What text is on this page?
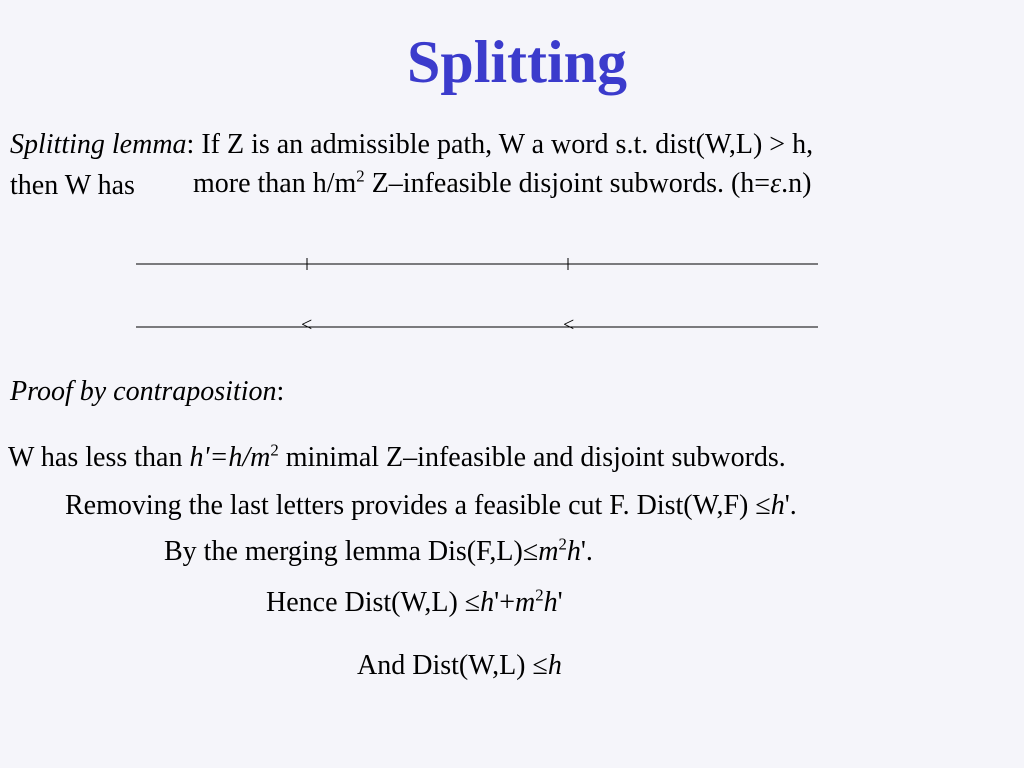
Splitting
Splitting lemma: If Z is an admissible path, W a word s.t. dist(W,L) > h,
then W has more than $h/m^2$ Z–infeasible disjoint subwords. (h=ε.n)
<	<
Proof by contraposition:
W has less than $h'=h/m^2$ minimal Z–infeasible and disjoint subwords.
Removing the last letters provides a feasible cut F. Dist(W,F) ≤h'.
By the merging lemma $Dis(F,L)\le m^2h'$.
Hence Dist(W,L) $\le h'+m^2h'$
And Dist(W,L) ≤h
